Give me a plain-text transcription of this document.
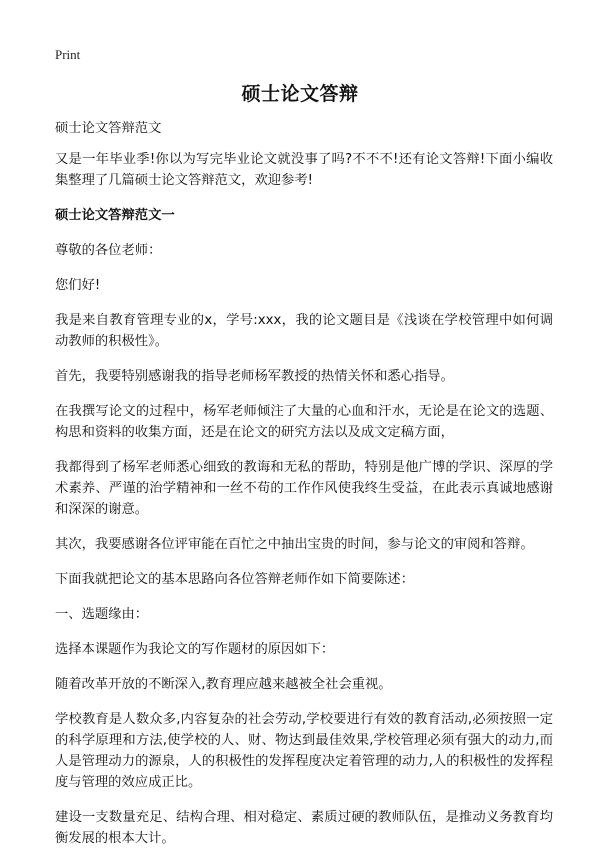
Print
硕士论文答辩

硕士论文答辩范文

又是一年毕业季!你以为写完毕业论文就没事了吗?不不不!还有论文答辩!下面小编收集整理了几篇硕士论文答辩范文，欢迎参考!

硕士论文答辩范文一

尊敬的各位老师：

您们好!

我是来自教育管理专业的x，学号:xxx，我的论文题目是《浅谈在学校管理中如何调动教师的积极性》。

首先，我要特别感谢我的指导老师杨军教授的热情关怀和悉心指导。

在我撰写论文的过程中，杨军老师倾注了大量的心血和汗水，无论是在论文的选题、构思和资料的收集方面，还是在论文的研究方法以及成文定稿方面，

我都得到了杨军老师悉心细致的教诲和无私的帮助，特别是他广博的学识、深厚的学术素养、严谨的治学精神和一丝不苟的工作作风使我终生受益，在此表示真诚地感谢和深深的谢意。

其次，我要感谢各位评审能在百忙之中抽出宝贵的时间，参与论文的审阅和答辩。

下面我就把论文的基本思路向各位答辩老师作如下简要陈述：

一、选题缘由：

选择本课题作为我论文的写作题材的原因如下：

随着改革开放的不断深入,教育理应越来越被全社会重视。

学校教育是人数众多,内容复杂的社会劳动,学校要进行有效的教育活动,必须按照一定的科学原理和方法,使学校的人、财、物达到最佳效果,学校管理必须有强大的动力,而人是管理动力的源泉，人的积极性的发挥程度决定着管理的动力,人的积极性的发挥程度与管理的效应成正比。

建设一支数量充足、结构合理、相对稳定、素质过硬的教师队伍，是推动义务教育均衡发展的根本大计。
